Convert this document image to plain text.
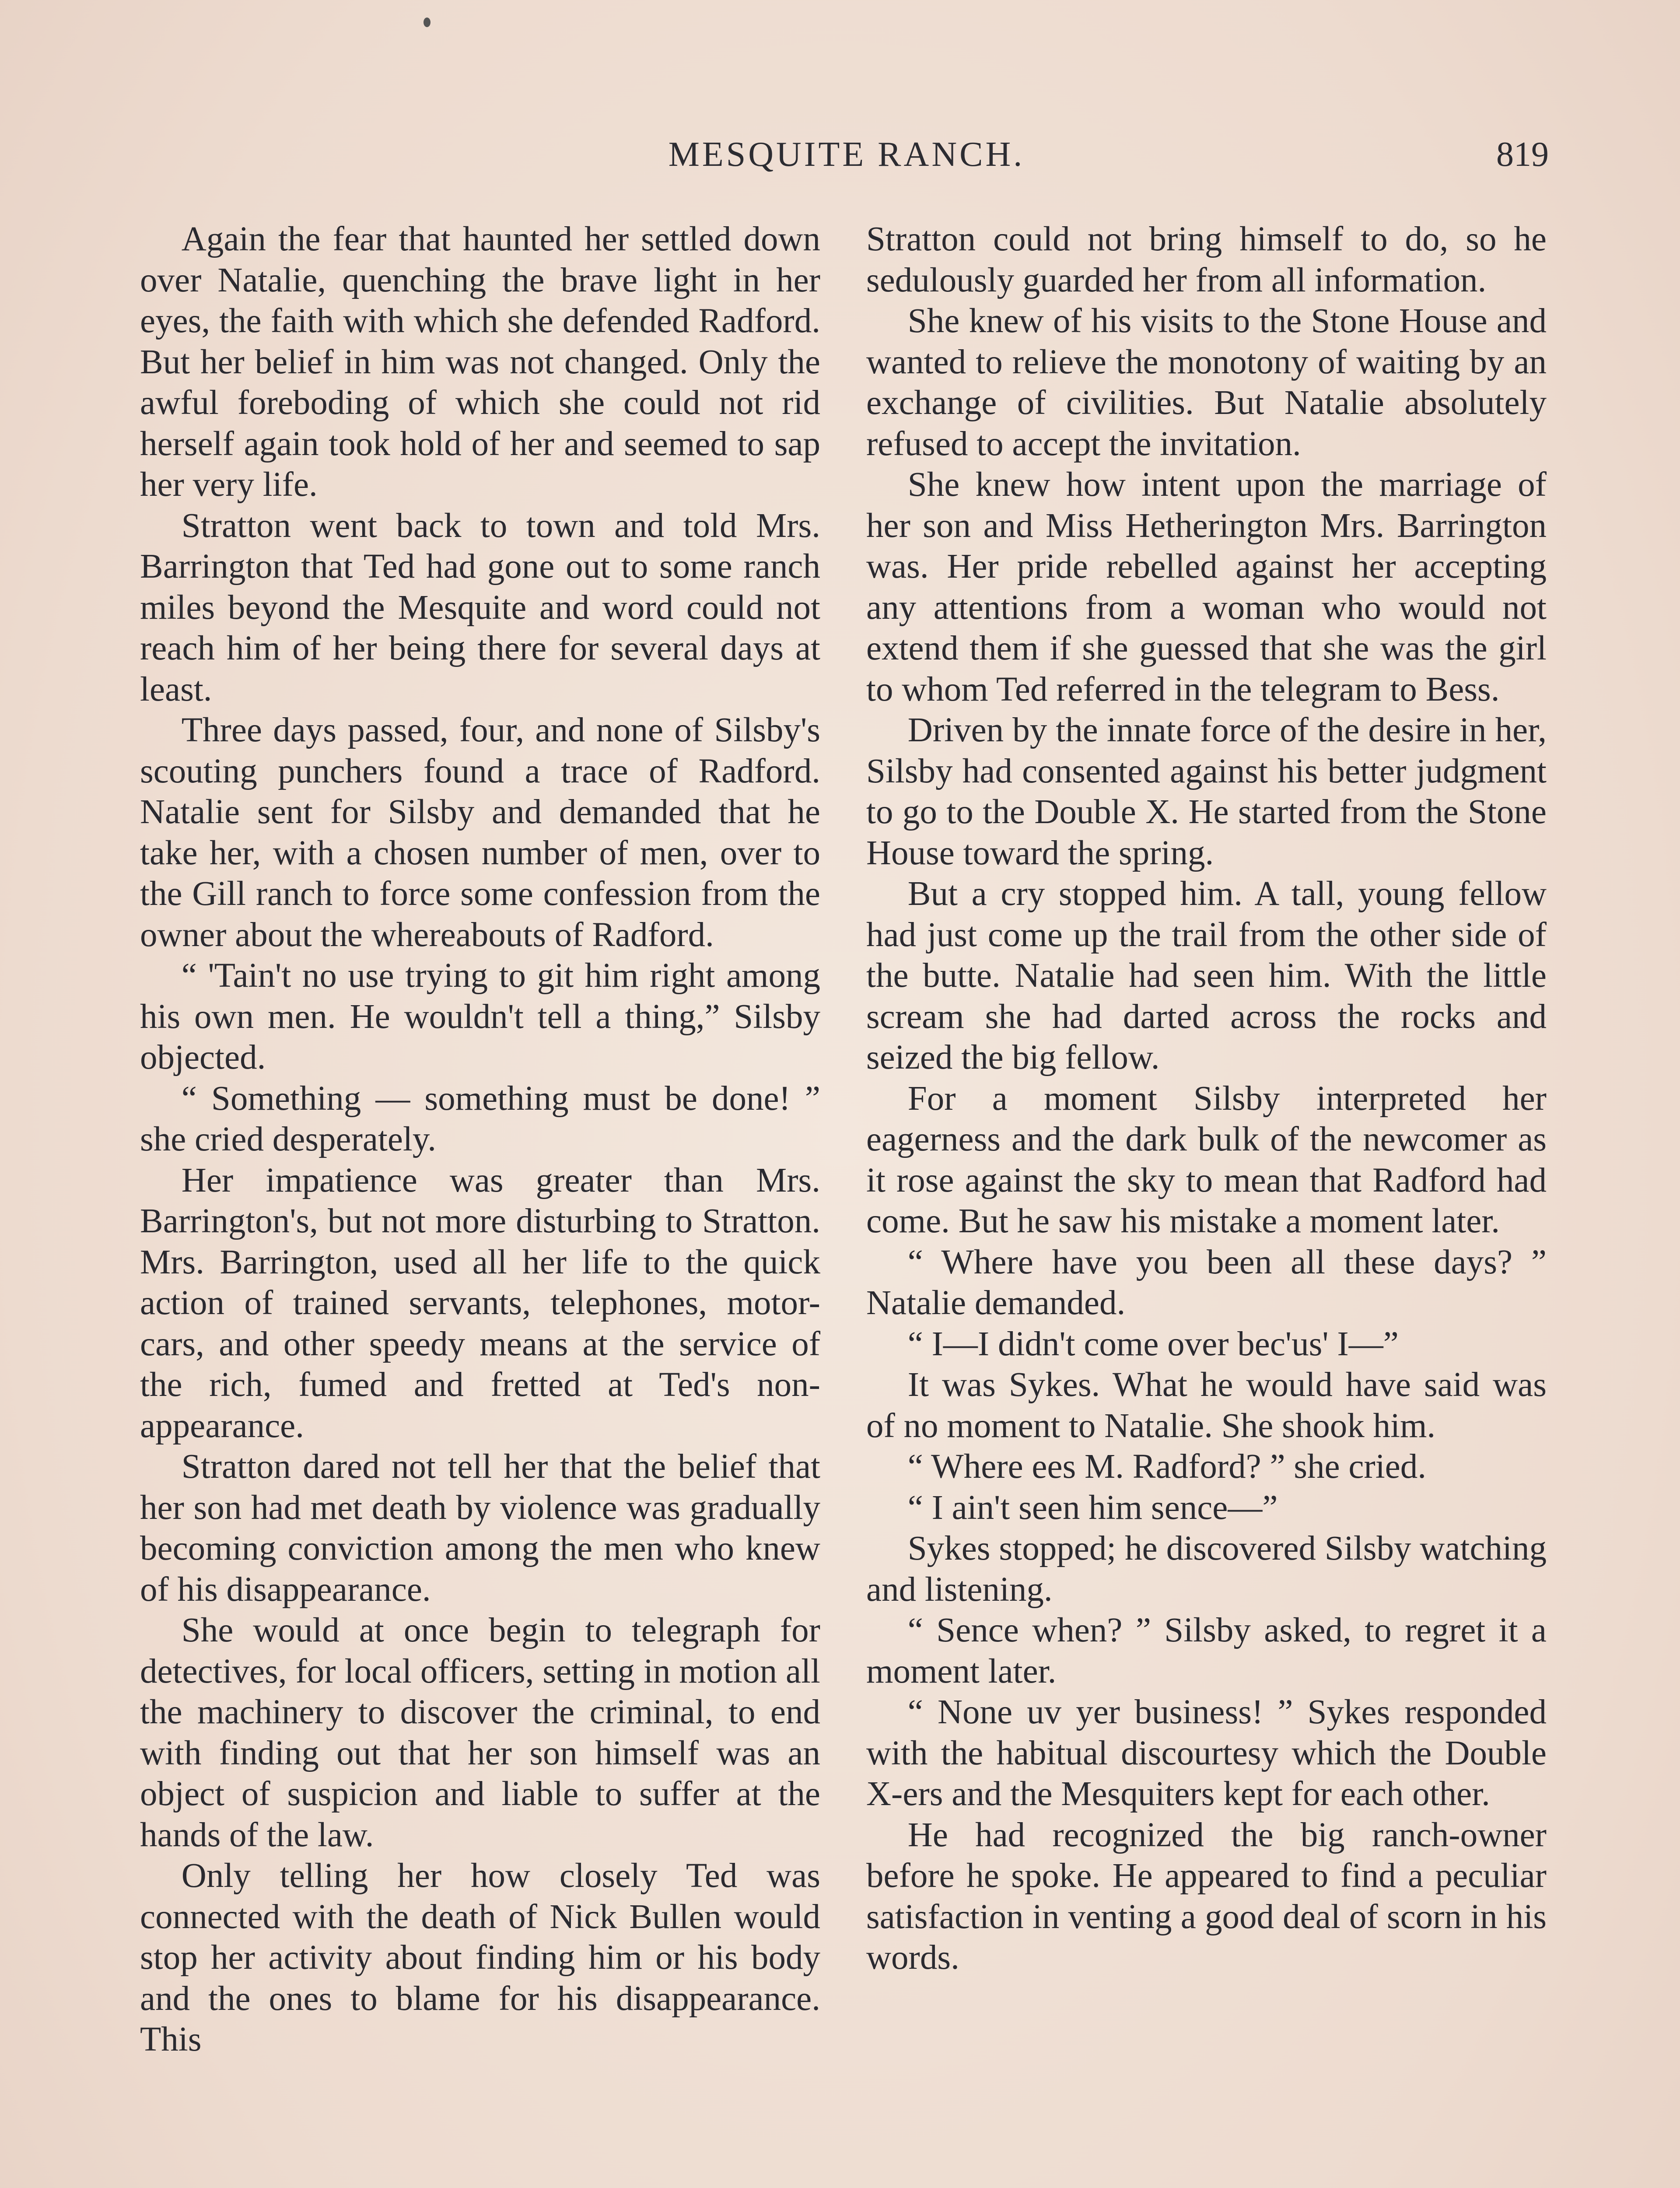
MESQUITE RANCH.	819

Again the fear that haunted her settled down over Natalie, quenching the brave light in her eyes, the faith with which she defended Radford. But her belief in him was not changed. Only the awful foreboding of which she could not rid herself again took hold of her and seemed to sap her very life.

Stratton went back to town and told Mrs. Barrington that Ted had gone out to some ranch miles beyond the Mesquite and word could not reach him of her being there for several days at least.

Three days passed, four, and none of Silsby's scouting punchers found a trace of Radford. Natalie sent for Silsby and demanded that he take her, with a chosen number of men, over to the Gill ranch to force some confession from the owner about the whereabouts of Radford.

“ 'Tain't no use trying to git him right among his own men. He wouldn't tell a thing,” Silsby objected.

“ Something — something must be done! ” she cried desperately.

Her impatience was greater than Mrs. Barrington's, but not more disturbing to Stratton. Mrs. Barrington, used all her life to the quick action of trained servants, telephones, motor-cars, and other speedy means at the service of the rich, fumed and fretted at Ted's non-appearance.

Stratton dared not tell her that the belief that her son had met death by violence was gradually becoming conviction among the men who knew of his disappearance.

She would at once begin to telegraph for detectives, for local officers, setting in motion all the machinery to discover the criminal, to end with finding out that her son himself was an object of suspicion and liable to suffer at the hands of the law.

Only telling her how closely Ted was connected with the death of Nick Bullen would stop her activity about finding him or his body and the ones to blame for his disappearance. This

Stratton could not bring himself to do, so he sedulously guarded her from all information.

She knew of his visits to the Stone House and wanted to relieve the monotony of waiting by an exchange of civilities. But Natalie absolutely refused to accept the invitation.

She knew how intent upon the marriage of her son and Miss Hetherington Mrs. Barrington was. Her pride rebelled against her accepting any attentions from a woman who would not extend them if she guessed that she was the girl to whom Ted referred in the telegram to Bess.

Driven by the innate force of the desire in her, Silsby had consented against his better judgment to go to the Double X. He started from the Stone House toward the spring.

But a cry stopped him. A tall, young fellow had just come up the trail from the other side of the butte. Natalie had seen him. With the little scream she had darted across the rocks and seized the big fellow.

For a moment Silsby interpreted her eagerness and the dark bulk of the newcomer as it rose against the sky to mean that Radford had come. But he saw his mistake a moment later.

“ Where have you been all these days? ” Natalie demanded.

“ I—I didn't come over bec'us' I—”

It was Sykes. What he would have said was of no moment to Natalie. She shook him.

“ Where ees M. Radford? ” she cried.

“ I ain't seen him sence—”

Sykes stopped; he discovered Silsby watching and listening.

“ Sence when? ” Silsby asked, to regret it a moment later.

“ None uv yer business! ” Sykes responded with the habitual discourtesy which the Double X-ers and the Mesquiters kept for each other.

He had recognized the big ranch-owner before he spoke. He appeared to find a peculiar satisfaction in venting a good deal of scorn in his words.
